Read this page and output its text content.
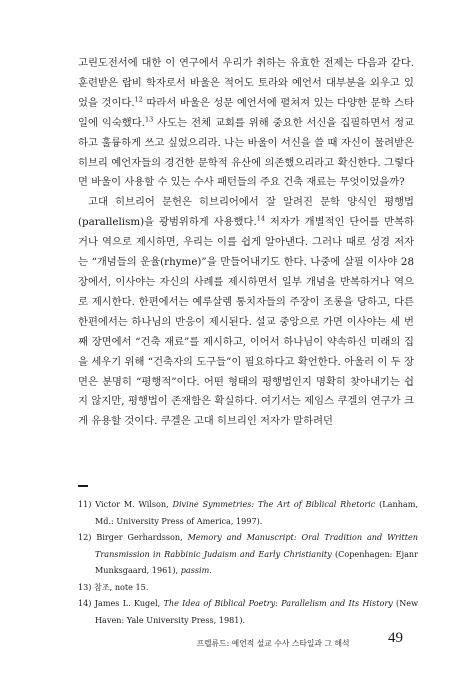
고린도전서에 대한 이 연구에서 우리가 취하는 유효한 전제는 다음과 같다. 훈련받은 랍비 학자로서 바울은 적어도 토라와 예언서 대부분을 외우고 있었을 것이다.$^{12}$ 따라서 바울은 성문 예언서에 펼쳐져 있는 다양한 문학 스타일에 익숙했다.$^{13}$ 사도는 전체 교회를 위해 중요한 서신을 집필하면서 정교하고 훌륭하게 쓰고 싶었으리라. 나는 바울이 서신을 쓸 때 자신이 물려받은 히브리 예언자들의 경건한 문학적 유산에 의존했으리라고 확신한다. 그렇다면 바울이 사용할 수 있는 수사 패턴들의 주요 건축 재료는 무엇이었을까?

고대 히브리어 문헌은 히브리어에서 잘 알려진 문학 양식인 평행법(parallelism)을 광범위하게 사용했다.$^{14}$ 저자가 개별적인 단어를 반복하거나 역으로 제시하면, 우리는 이를 쉽게 알아낸다. 그러나 때로 성경 저자는 “개념들의 운율(rhyme)”을 만들어내기도 한다. 나중에 살필 이사야 28장에서, 이사야는 자신의 사례를 제시하면서 일부 개념을 반복하거나 역으로 제시한다. 한편에서는 예루살렘 통치자들의 주장이 조롱을 당하고, 다른 한편에서는 하나님의 반응이 제시된다. 설교 중앙으로 가면 이사야는 세 번째 장면에서 “건축 재료”를 제시하고, 이어서 하나님이 약속하신 미래의 집을 세우기 위해 “건축자의 도구들”이 필요하다고 확언한다. 아울러 이 두 장면은 분명히 “평행적”이다. 어떤 형태의 평행법인지 명확히 찾아내기는 쉽지 않지만, 평행법이 존재함은 확실하다. 여기서는 제임스 쿠겔의 연구가 크게 유용할 것이다. 쿠겔은 고대 히브리인 저자가 말하려던

11) Victor M. Wilson, Divine Symmetries: The Art of Biblical Rhetoric (Lanham, Md.: University Press of America, 1997).

12) Birger Gerhardsson, Memory and Manuscript: Oral Tradition and Written Transmission in Rabbinic Judaism and Early Christianity (Copenhagen: Ejanr Munksgaard, 1961), passim.

13) 참조, note 15.

14) James L. Kugel, The Idea of Biblical Poetry: Parallelism and Its History (New Haven: Yale University Press, 1981).

프렐류드: 예언적 설교 수사 스타일과 그 해석	49
